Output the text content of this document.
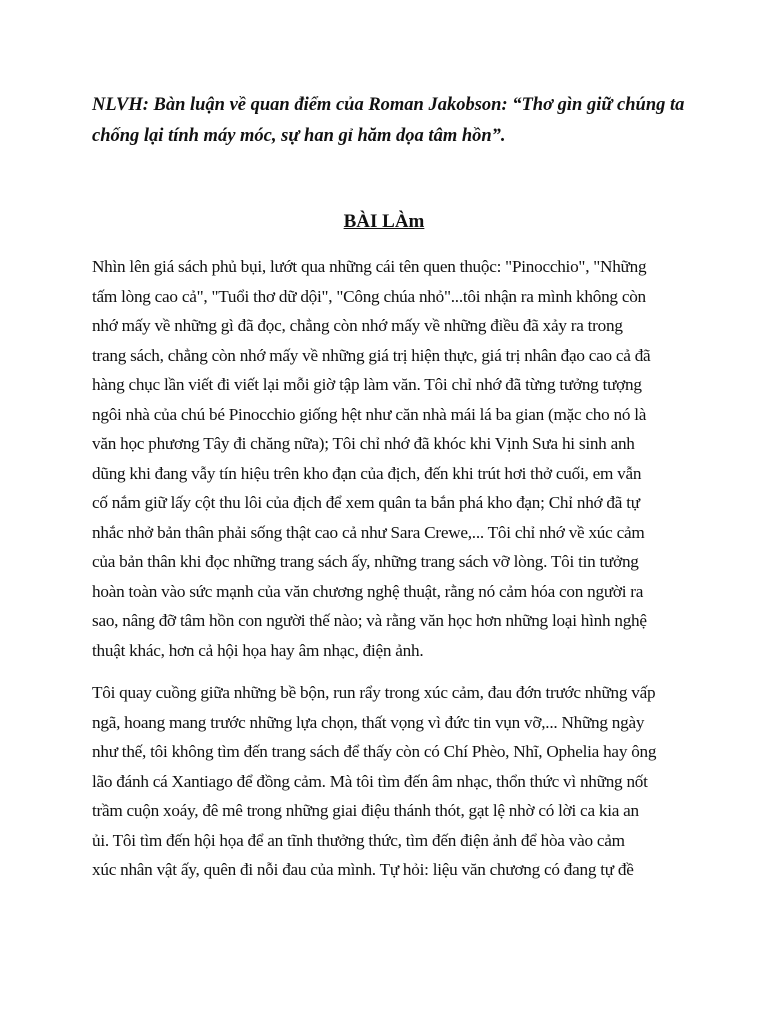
NLVH: Bàn luận về quan điểm của Roman Jakobson: “Thơ gìn giữ chúng ta chống lại tính máy móc, sự han gỉ hăm dọa tâm hồn”.

BÀI LÀm

Nhìn lên giá sách phủ bụi, lướt qua những cái tên quen thuộc: "Pinocchio", "Những
tấm lòng cao cả", "Tuổi thơ dữ dội", "Công chúa nhỏ"...tôi nhận ra mình không còn
nhớ mấy về những gì đã đọc, chẳng còn nhớ mấy về những điều đã xảy ra trong
trang sách, chẳng còn nhớ mấy về những giá trị hiện thực, giá trị nhân đạo cao cả đã
hàng chục lần viết đi viết lại mỗi giờ tập làm văn. Tôi chỉ nhớ đã từng tưởng tượng
ngôi nhà của chú bé Pinocchio giống hệt như căn nhà mái lá ba gian (mặc cho nó là
văn học phương Tây đi chăng nữa); Tôi chỉ nhớ đã khóc khi Vịnh Sưa hi sinh anh
dũng khi đang vẫy tín hiệu trên kho đạn của địch, đến khi trút hơi thở cuối, em vẫn
cố nắm giữ lấy cột thu lôi của địch để xem quân ta bắn phá kho đạn; Chỉ nhớ đã tự
nhắc nhở bản thân phải sống thật cao cả như Sara Crewe,... Tôi chỉ nhớ về xúc cảm
của bản thân khi đọc những trang sách ấy, những trang sách vỡ lòng. Tôi tin tưởng
hoàn toàn vào sức mạnh của văn chương nghệ thuật, rằng nó cảm hóa con người ra
sao, nâng đỡ tâm hồn con người thế nào; và rằng văn học hơn những loại hình nghệ
thuật khác, hơn cả hội họa hay âm nhạc, điện ảnh.

Tôi quay cuồng giữa những bề bộn, run rẩy trong xúc cảm, đau đớn trước những vấp
ngã, hoang mang trước những lựa chọn, thất vọng vì đức tin vụn vỡ,... Những ngày
như thế, tôi không tìm đến trang sách để thấy còn có Chí Phèo, Nhĩ, Ophelia hay ông
lão đánh cá Xantiago để đồng cảm. Mà tôi tìm đến âm nhạc, thổn thức vì những nốt
trầm cuộn xoáy, đê mê trong những giai điệu thánh thót, gạt lệ nhờ có lời ca kia an
ủi. Tôi tìm đến hội họa để an tĩnh thưởng thức, tìm đến điện ảnh để hòa vào cảm
xúc nhân vật ấy, quên đi nỗi đau của mình. Tự hỏi: liệu văn chương có đang tự đề
